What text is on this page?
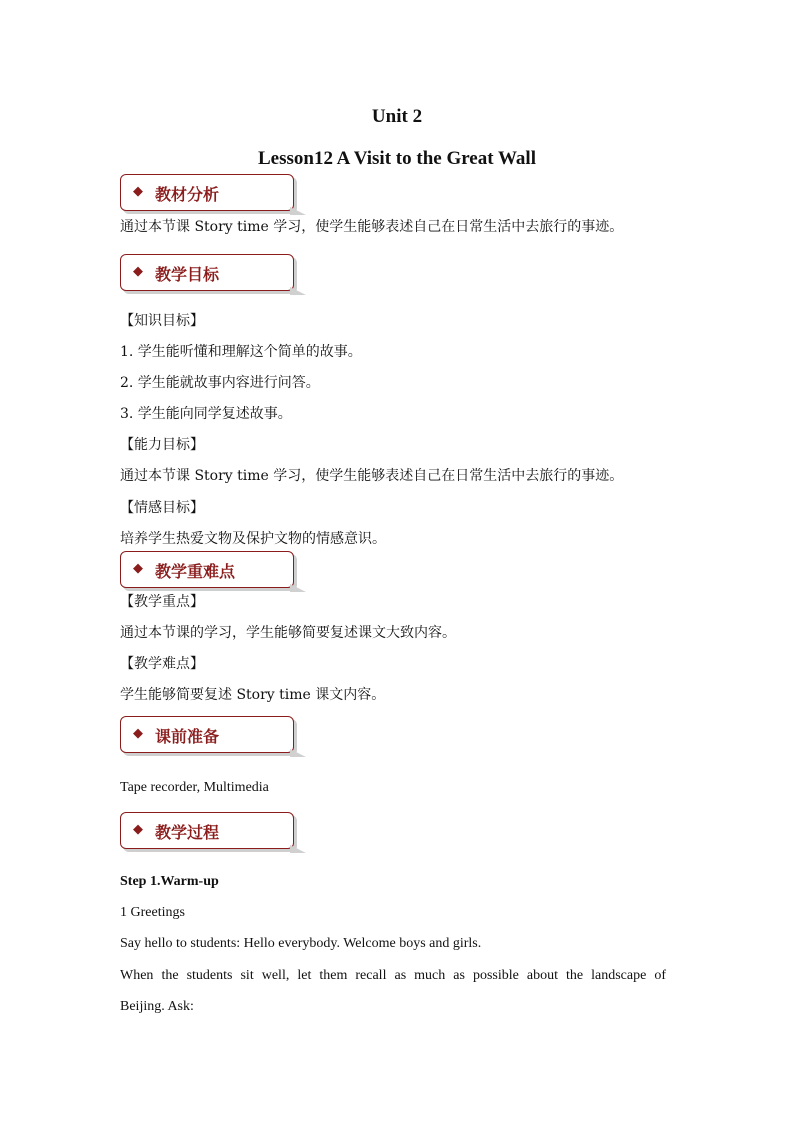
Unit 2
Lesson12 A Visit to the Great Wall
◆ 教材分析
通过本节课 Story time 学习，使学生能够表述自己在日常生活中去旅行的事迹。
◆ 教学目标
【知识目标】
1. 学生能听懂和理解这个简单的故事。
2. 学生能就故事内容进行问答。
3. 学生能向同学复述故事。
【能力目标】
通过本节课 Story time 学习，使学生能够表述自己在日常生活中去旅行的事迹。
【情感目标】
培养学生热爱文物及保护文物的情感意识。
◆ 教学重难点
【教学重点】
通过本节课的学习，学生能够简要复述课文大致内容。
【教学难点】
学生能够简要复述 Story time 课文内容。
◆ 课前准备
Tape recorder, Multimedia
◆ 教学过程
Step 1.Warm-up
1 Greetings
Say hello to students: Hello everybody. Welcome boys and girls.
When the students sit well, let them recall as much as possible about the landscape of
Beijing. Ask:
